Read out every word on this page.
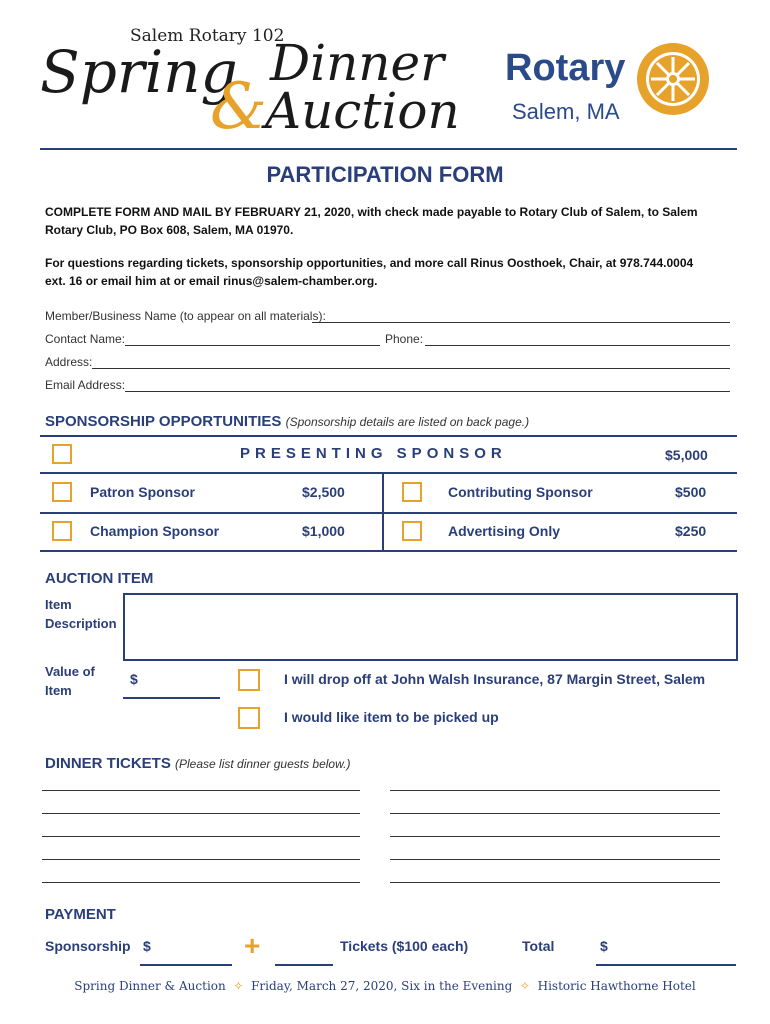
Salem Rotary 102
Spring Dinner
&
Auction
Rotary
Salem, MA
PARTICIPATION FORM
COMPLETE FORM AND MAIL BY FEBRUARY 21, 2020, with check made payable to Rotary Club of Salem, to Salem Rotary Club, PO Box 608, Salem, MA 01970.
For questions regarding tickets, sponsorship opportunities, and more call Rinus Oosthoek, Chair, at 978.744.0004 ext. 16 or email him at or email rinus@salem-chamber.org.
Member/Business Name (to appear on all materials):
Contact Name:	Phone:
Address:
Email Address:
SPONSORSHIP OPPORTUNITIES (Sponsorship details are listed on back page.)
PRESENTING SPONSOR	$5,000
Patron Sponsor	$2,500	Contributing Sponsor	$500
Champion Sponsor	$1,000	Advertising Only	$250
AUCTION ITEM
Item
Description
Value of
Item
$	I will drop off at John Walsh Insurance, 87 Margin Street, Salem
I would like item to be picked up
DINNER TICKETS (Please list dinner guests below.)
PAYMENT
Sponsorship $	+	Tickets ($100 each)	Total	$
Spring Dinner & Auction ✧ Friday, March 27, 2020, Six in the Evening ✧ Historic Hawthorne Hotel
